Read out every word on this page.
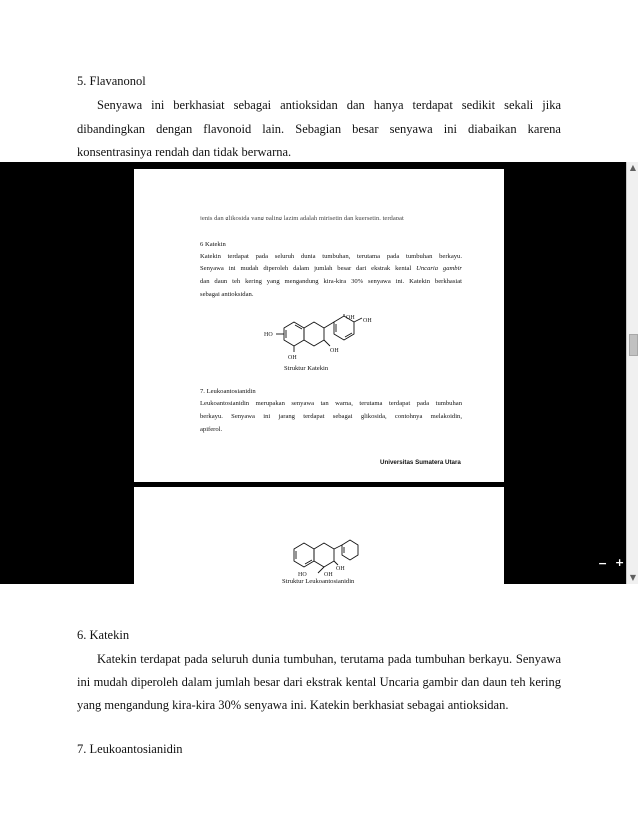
5. Flavanonol
Senyawa ini berkhasiat sebagai antioksidan dan hanya terdapat sedikit sekali jika
dibandingkan dengan flavonoid lain. Sebagian besar senyawa ini diabaikan karena
konsentrasinya rendah dan tidak berwarna.
jenis dan glikosida yang paling lazim adalah mirisetin dan kuersetin. terdapat
6 Katekin
Katekin terdapat pada seluruh dunia tumbuhan, terutama pada tumbuhan berkayu.
Senyawa ini mudah diperoleh dalam jumlah besar dari ekstrak kental Uncaria gambir
dan daun teh kering yang mengandung kira-kira 30% senyawa ini. Katekin berkhasiat
sebagai antioksidan.
HO
OH
OH
OH OH
Struktur Katekin
7. Leukoantosianidin
Leukoantosianidin merupakan senyawa tan warna, terutama terdapat pada tumbuhan
berkayu. Senyawa ini jarang terdapat sebagai glikosida, contohnya melakoidin,
apiferol.
Universitas Sumatera Utara
HO
OH
OH
Struktur Leukoantosianidin
− +
▲
▼
6. Katekin
Katekin terdapat pada seluruh dunia tumbuhan, terutama pada tumbuhan berkayu. Senyawa
ini mudah diperoleh dalam jumlah besar dari ekstrak kental Uncaria gambir dan daun teh kering
yang mengandung kira-kira 30% senyawa ini. Katekin berkhasiat sebagai antioksidan.
7. Leukoantosianidin
